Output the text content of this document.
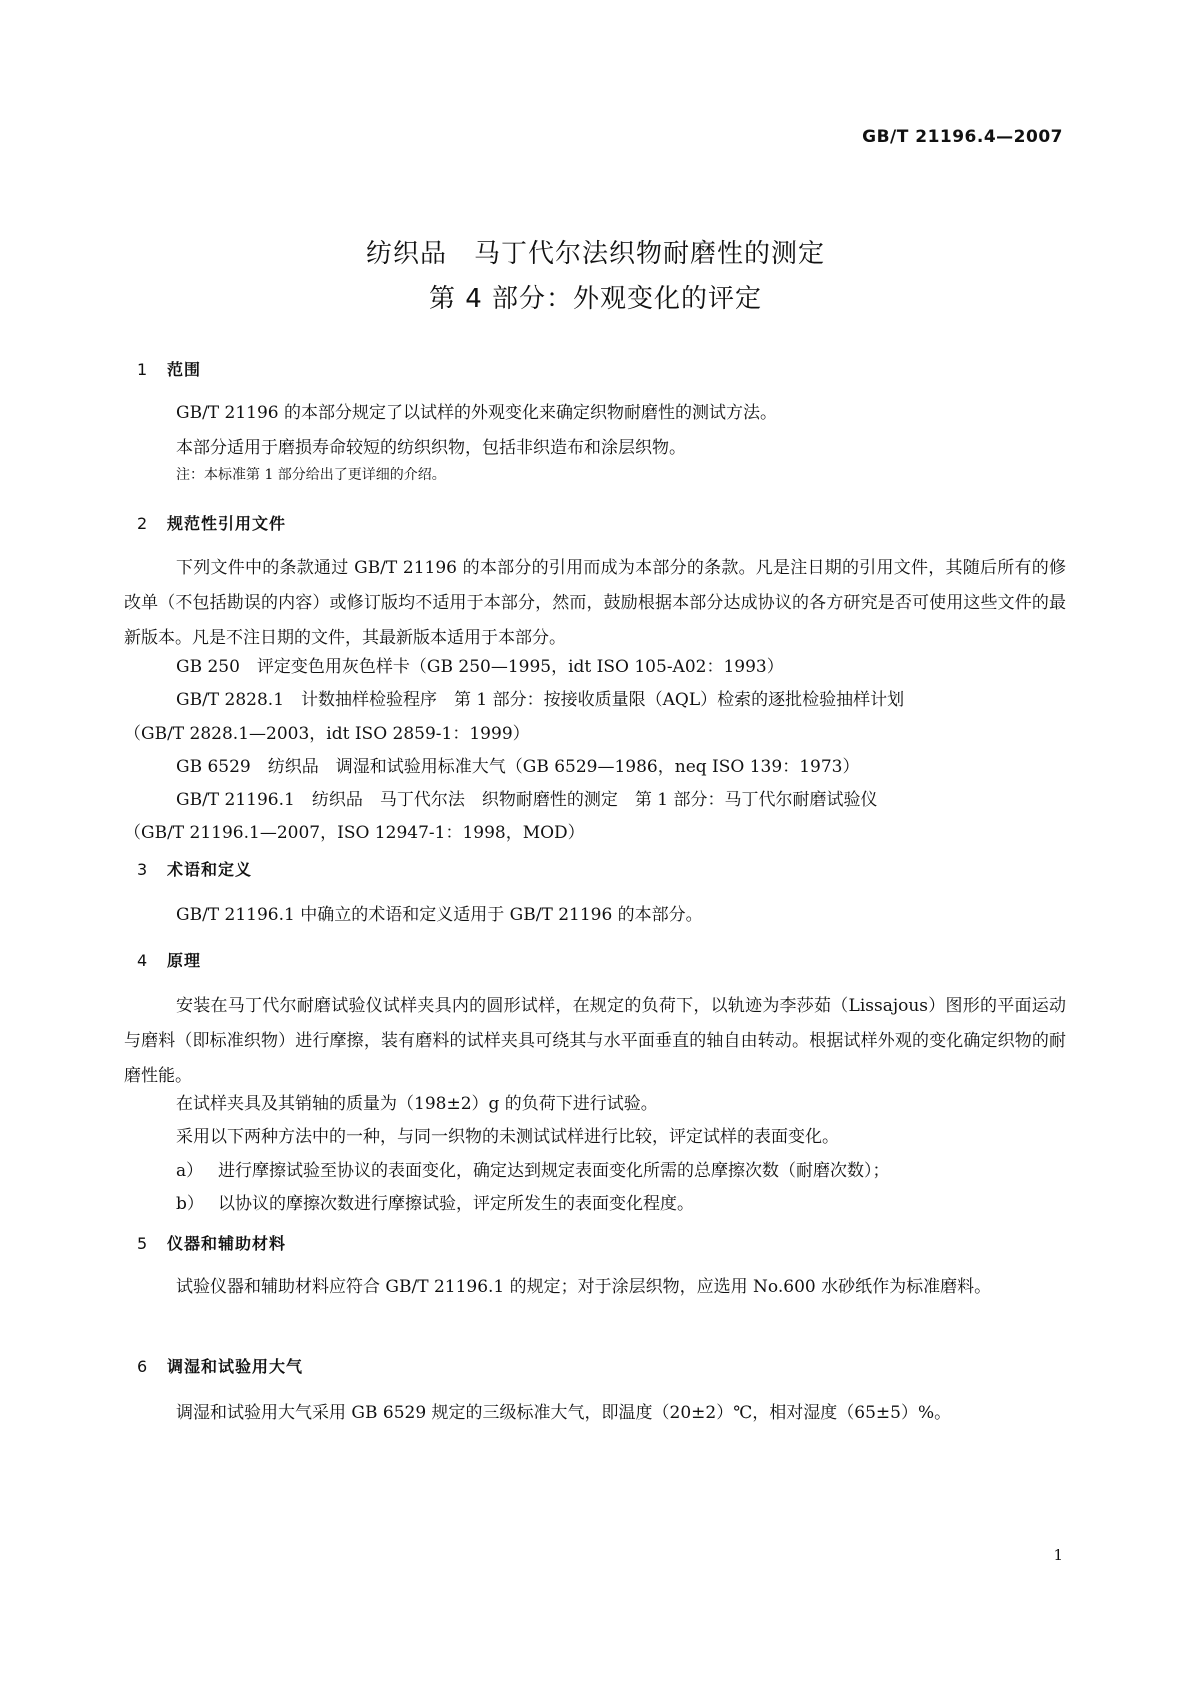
GB/T 21196.4—2007
纺织品　马丁代尔法织物耐磨性的测定
第 4 部分：外观变化的评定
1 范围

GB/T 21196 的本部分规定了以试样的外观变化来确定织物耐磨性的测试方法。

本部分适用于磨损寿命较短的纺织织物，包括非织造布和涂层织物。

注：本标准第 1 部分给出了更详细的介绍。
2 规范性引用文件

下列文件中的条款通过 GB/T 21196 的本部分的引用而成为本部分的条款。凡是注日期的引用文件，其随后所有的修改单（不包括勘误的内容）或修订版均不适用于本部分，然而，鼓励根据本部分达成协议的各方研究是否可使用这些文件的最新版本。凡是不注日期的文件，其最新版本适用于本部分。

GB 250　评定变色用灰色样卡（GB 250—1995，idt ISO 105-A02：1993）
GB/T 2828.1　计数抽样检验程序　第 1 部分：按接收质量限（AQL）检索的逐批检验抽样计划
（GB/T 2828.1—2003，idt ISO 2859-1：1999）
GB 6529　纺织品　调湿和试验用标准大气（GB 6529—1986，neq ISO 139：1973）
GB/T 21196.1　纺织品　马丁代尔法　织物耐磨性的测定　第 1 部分：马丁代尔耐磨试验仪
（GB/T 21196.1—2007，ISO 12947-1：1998，MOD）
3 术语和定义
GB/T 21196.1 中确立的术语和定义适用于 GB/T 21196 的本部分。
4 原理

安装在马丁代尔耐磨试验仪试样夹具内的圆形试样，在规定的负荷下，以轨迹为李莎茹（Lissajous）图形的平面运动与磨料（即标准织物）进行摩擦，装有磨料的试样夹具可绕其与水平面垂直的轴自由转动。根据试样外观的变化确定织物的耐磨性能。

在试样夹具及其销轴的质量为（198±2）g 的负荷下进行试验。
采用以下两种方法中的一种，与同一织物的未测试试样进行比较，评定试样的表面变化。
a） 进行摩擦试验至协议的表面变化，确定达到规定表面变化所需的总摩擦次数（耐磨次数）；
b） 以协议的摩擦次数进行摩擦试验，评定所发生的表面变化程度。
5 仪器和辅助材料

试验仪器和辅助材料应符合 GB/T 21196.1 的规定；对于涂层织物，应选用 No.600 水砂纸作为标准磨料。

6 调湿和试验用大气
调湿和试验用大气采用 GB 6529 规定的三级标准大气，即温度（20±2）℃，相对湿度（65±5）%。
1
